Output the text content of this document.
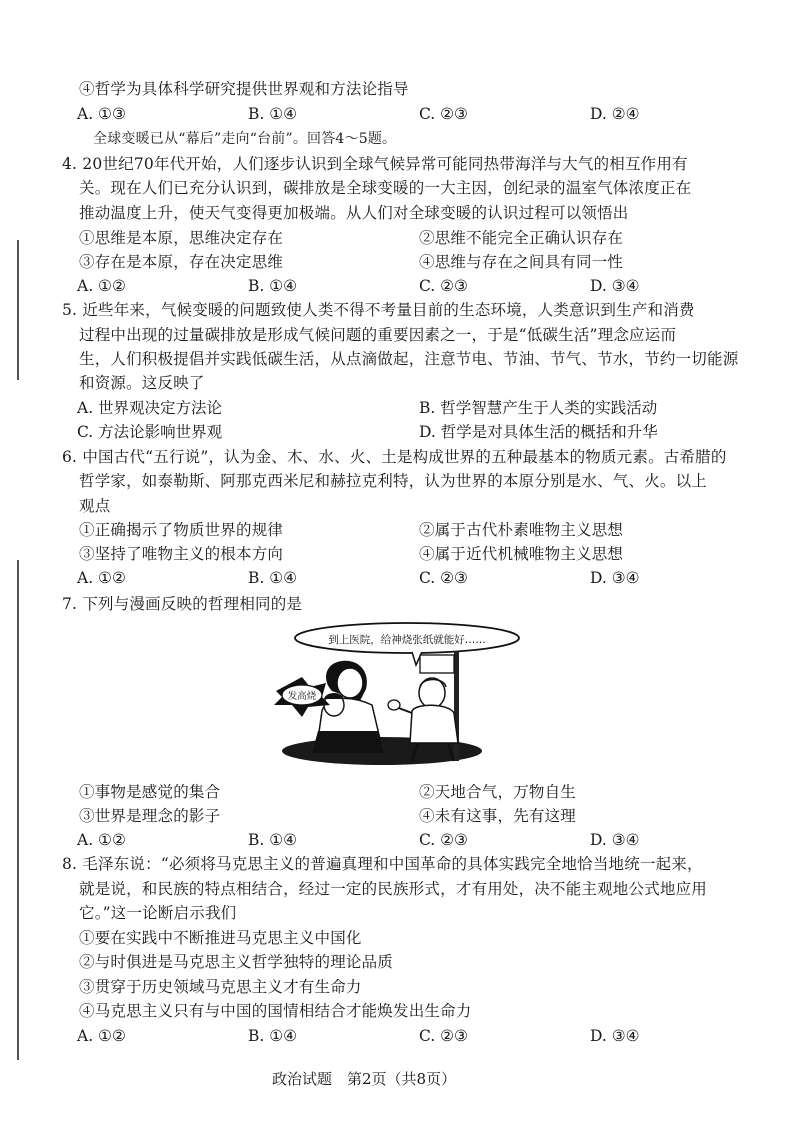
④哲学为具体科学研究提供世界观和方法论指导
A. ①③	B. ①④	C. ②③	D. ②④
全球变暖已从“幕后”走向“台前”。回答4～5题。
4. 20世纪70年代开始，人们逐步认识到全球气候异常可能同热带海洋与大气的相互作用有
关。现在人们已充分认识到，碳排放是全球变暖的一大主因，创纪录的温室气体浓度正在
推动温度上升，使天气变得更加极端。从人们对全球变暖的认识过程可以领悟出
①思维是本原，思维决定存在	②思维不能完全正确认识存在
③存在是本原，存在决定思维	④思维与存在之间具有同一性
A. ①②	B. ①④	C. ②③	D. ③④
5. 近些年来，气候变暖的问题致使人类不得不考量目前的生态环境，人类意识到生产和消费
过程中出现的过量碳排放是形成气候问题的重要因素之一，于是“低碳生活”理念应运而
生，人们积极提倡并实践低碳生活，从点滴做起，注意节电、节油、节气、节水，节约一切能源
和资源。这反映了
A. 世界观决定方法论	B. 哲学智慧产生于人类的实践活动
C. 方法论影响世界观	D. 哲学是对具体生活的概括和升华
6. 中国古代“五行说”，认为金、木、水、火、土是构成世界的五种最基本的物质元素。古希腊的
哲学家，如泰勒斯、阿那克西米尼和赫拉克利特，认为世界的本原分别是水、气、火。以上
观点
①正确揭示了物质世界的规律	②属于古代朴素唯物主义思想
③坚持了唯物主义的根本方向	④属于近代机械唯物主义思想
A. ①②	B. ①④	C. ②③	D. ③④
7. 下列与漫画反映的哲理相同的是
到上医院，给神烧张纸就能好……
发高烧
①事物是感觉的集合	②天地合气，万物自生
③世界是理念的影子	④未有这事，先有这理
A. ①②	B. ①④	C. ②③	D. ③④
8. 毛泽东说：“必须将马克思主义的普遍真理和中国革命的具体实践完全地恰当地统一起来，
就是说，和民族的特点相结合，经过一定的民族形式，才有用处，决不能主观地公式地应用
它。”这一论断启示我们
①要在实践中不断推进马克思主义中国化
②与时俱进是马克思主义哲学独特的理论品质
③贯穿于历史领域马克思主义才有生命力
④马克思主义只有与中国的国情相结合才能焕发出生命力
A. ①②	B. ①④	C. ②③	D. ③④
政治试题　第2页（共8页）
